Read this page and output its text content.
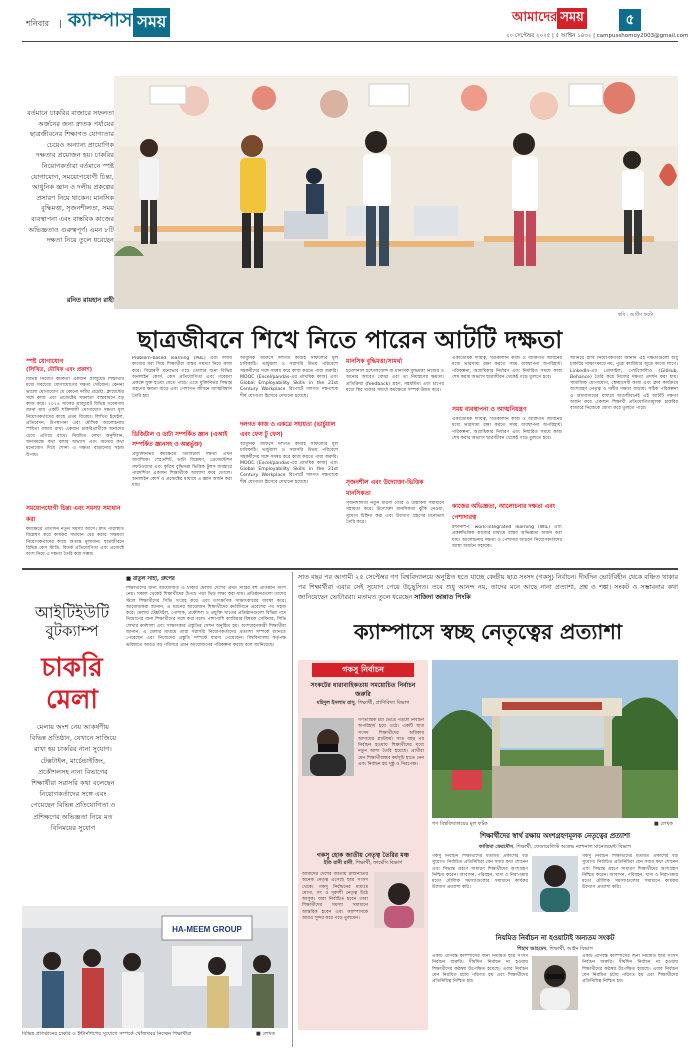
শনিবার ক্যাম্পাস সময়	আমাদের সময়	৫
২০ সেপ্টেম্বর ২০২৫ | ৫ আশ্বিন ১৪৩২ | campusshomoy2003@gmail.com
ছবি : আর্টস ফটো
বর্তমানে চাকরির বাজারে সফলতা অর্জনের জন্য স্নাতক পর্যায়ের ছাত্রজীবনের শিক্ষাগত যোগ্যতার চেয়েও অন্যান্য প্রায়োগিক দক্ষতার প্রয়োজন হয়। চাকরির নিয়োগকর্তারা বর্তমানে স্পষ্ট যোগাযোগ, সময়োপযোগী চিন্তা, আধুনিক জ্ঞান ও দলীয় প্রকল্পের প্রসারণ নিয়ে থাকেন। মানসিক বুদ্ধিমত্তা, সৃজনশীলতা, সময় ব্যবস্থাপনা এবং বাস্তবিক কাজের অভিজ্ঞতাও গুরুত্বপূর্ণ। এমন ৮টি দক্ষতা নিয়ে তুলে ধরেছেন
রনিত রায়হান রাহী
ছাত্রজীবনে শিখে নিতে পারেন আটটি দক্ষতা
স্পষ্ট যোগাযোগ
(লিখিত, মৌখিক এবং প্রকাশ)
বিভিন্ন নিয়োগ কর্মকর্তা একজন গ্রাজুয়েট শিক্ষার্থীর মধ্যে সবচেয়ে যোগাযোগের দক্ষতা খোঁজেন। কেননা ভালো যোগাযোগ যে কোনো দলীয় প্রচেষ্টা, ক্লায়েন্টের সঙ্গে কাজ এবং প্রজেক্টের সফলতা বাস্তবায়নে বড় কাজ করে। ২০২৪ সালের গ্রাজুয়েট বিভিন্ন গবেষণায় জানা যায় একটি শক্তিশালী যোগাযোগ দক্ষতা মূল নিয়োগকর্তাদের কাছে প্রথম বিবেচ্য। লিখিত ইমেইল, প্রতিবেদন, উপস্থাপনা এবং মৌখিক আলোচনায় স্পষ্টতা বজায় রাখা একজন চাকরিপ্রার্থীকে অন্যদের চেয়ে এগিয়ে রাখে। নিয়মিত লেখা অনুশীলন, জনসমক্ষে কথা বলার অভ্যাস এবং অন্যের কথা মনোযোগ দিয়ে শোনা এ দক্ষতা বাড়ানোর সহজ উপায়।
সময়োপযোগী চিন্তা এবং সমস্যা সমাধান করা
কর্মক্ষেত্রে প্রতিদিন নতুন সমস্যা আসে। দ্রুত পরিস্থিতি বিশ্লেষণ করে কার্যকর সমাধান বের করার সক্ষমতা নিয়োগকর্তাদের কাছে অত্যন্ত মূল্যবান। ছাত্রজীবনে বিভিন্ন কেস স্টাডি, বিতর্ক প্রতিযোগিতা এবং প্রজেক্টে অংশ নিয়ে এ দক্ষতা তৈরি করা সম্ভব।
Problem-based learning (PBL) এবং দলীয় কাজের মধ্য দিয়ে শিক্ষার্থীরা বাস্তব সমস্যা নিয়ে কাজ করে। বিশ্লেষণী মনোভাব গড়ে তোলার জন্য বিভিন্ন অনলাইন কোর্স, কেস প্রতিযোগিতা এবং গবেষণা প্রকল্পে যুক্ত হওয়া যেতে পারে। এতে যুক্তিনির্ভর সিদ্ধান্ত গ্রহণের ক্ষমতা বাড়ে এবং পেশাগত জীবনে আত্মবিশ্বাস তৈরি হয়।
ডিজিটাল ও ডাটা সম্পর্কিত জ্ঞান (এআই সম্পর্কিত জ্ঞানসহ ও অন্তর্ভুক্ত)
প্রযুক্তিনির্ভর কর্মক্ষেত্রে ডিজিটাল দক্ষতা এখন আবশ্যিক। স্প্রেডশিট, ডাটা বিশ্লেষণ, প্রেজেন্টেশন সফটওয়্যার এবং কৃত্রিম বুদ্ধিমত্তা ভিত্তিক টুলস ব্যবহারে পারদর্শিতা একজন শিক্ষার্থীকে আলাদা করে তোলে। অনলাইন কোর্স ও প্রজেক্টের মাধ্যমে এ জ্ঞান অর্জন করা যায়।
আধুনিক অফিসে দলগত কাজই সাফল্যের মূল চাবিকাঠি। ভার্চুয়াল ও সরাসরি উভয় পরিবেশে সহকর্মীদের সঙ্গে সমন্বয় করে কাজ করতে পারা জরুরি। MOOC (Excel/pandas-এর প্রাথমিক কাজ) এবং Global Employability Skills in the 21st Century Workplace রিপোর্টে দলগত দক্ষতাকে শীর্ষ যোগ্যতা হিসেবে দেখানো হয়েছে।
দলগত কাজ ও একত্রে সহায়তা (ভার্চুয়াল এবং ফেস টু ফেস)
আধুনিক অফিসে দলগত কাজই সাফল্যের মূল চাবিকাঠি। ভার্চুয়াল ও সরাসরি উভয় পরিবেশে সহকর্মীদের সঙ্গে সমন্বয় করে কাজ করতে পারা জরুরি। MOOC (Excel/pandas-এর প্রাথমিক কাজ) এবং Global Employability Skills in the 21st Century Workplace রিপোর্টে দলগত দক্ষতাকে শীর্ষ যোগ্যতা হিসেবে দেখানো হয়েছে।
মানসিক বুদ্ধিমত্তা/সামর্থ্য
ইমোশনাল ইন্টেলিজেন্স বা মানসিক বুদ্ধিমত্তা নিজের ও অন্যের আবেগ বোঝা এবং তা নিয়ন্ত্রণের ক্ষমতা। প্রতিক্রিয়া (feedback) গ্রহণ, সহমর্মিতা এবং চাপের মধ্যে স্থির থাকার সামর্থ্য কর্মক্ষেত্রে সম্পর্ক উন্নত করে।
সৃজনশীল এবং উদ্যোক্তা-ভিত্তিক মানসিকতা
সৃজনশীলতা নতুন ধারণা তৈরি ও উদ্ভাবনী সমাধানে সহায়তা করে। উদ্যোক্তা মানসিকতা ঝুঁকি নেওয়া, সুযোগ চিহ্নিত করা এবং উদ্যোগ গ্রহণের মনোভাব তৈরি করে।
একাডেমিক দায়িত্ব, খণ্ডকালীন কাজ ও ব্যক্তিগত জীবনের মধ্যে ভারসাম্য রক্ষা করতে সময় ব্যবস্থাপনা অপরিহার্য। পরিকল্পনা, অগ্রাধিকার নির্ধারণ এবং নির্ধারিত সময়ে কাজ শেষ করার অভ্যাস ছাত্রজীবন থেকেই গড়ে তুলতে হবে।
সময় ব্যবস্থাপনা ও আত্মনিয়ন্ত্রণ
একাডেমিক দায়িত্ব, খণ্ডকালীন কাজ ও ব্যক্তিগত জীবনের মধ্যে ভারসাম্য রক্ষা করতে সময় ব্যবস্থাপনা অপরিহার্য। পরিকল্পনা, অগ্রাধিকার নির্ধারণ এবং নির্ধারিত সময়ে কাজ শেষ করার অভ্যাস ছাত্রজীবন থেকেই গড়ে তুলতে হবে।
কাজের অভিজ্ঞতা, আলোচনার দক্ষতা এবং পেশাদারত্ব
ইন্টার্নশিপ, work-integrated learning (WIL) এবং প্রকল্পভিত্তিক কাজের মাধ্যমে বাস্তব অভিজ্ঞতা অর্জন করা যায়। আলোচনার দক্ষতা ও পেশাদার আচরণ নিয়োগকর্তাদের আস্থা অর্জনে সহায়ক।
জানিয়ে রাখি নিয়োগকর্তারা জানান এই দক্ষতাগুলো শুধু চাকরির সাক্ষাৎকারে নয়, পুরো ক্যারিয়ার জুড়ে কাজে লাগে। LinkedIn-এর প্রোফাইল, পোর্টফোলিও (GitHub, Behance) তৈরি করে নিজের দক্ষতা প্রদর্শন করা যায়। সামাজিক যোগাযোগ, স্বেচ্ছাসেবী কাজ এবং ক্লাব কার্যক্রমে অংশগ্রহণ নেতৃত্ব ও দলীয় দক্ষতা বাড়ায়। সঠিক পরিকল্পনা ও অধ্যবসায়ের মাধ্যমে ছাত্রজীবনেই এই আটটি দক্ষতা অর্জন করে একজন শিক্ষার্থী প্রতিযোগিতামূলক চাকরির বাজারে নিজেকে যোগ্য করে তুলতে পারে।
আইটিইউটি
বুটক্যাম্প
চাকরি মেলা
মেলায় অংশ নেয় আকর্ষণীয় বিভিন্ন প্রতিষ্ঠান, যেখানে সাজিয়ে রাখা হয় চাকরির নানা সুযোগ। টেক্সটাইল, মার্চেন্ডাইজিং, প্রকৌশলসহ নানা বিভাগের শিক্ষার্থীরা সরাসরি কথা বলেছেন নিয়োগকর্তাদের সঙ্গে এবং পেয়েছেন বিভিন্ন প্রতিযোগিতা ও প্রশিক্ষণের অভিজ্ঞতা নিয়ে মত বিনিময়ের সুযোগ
■ রাতুল সাহা, গ্রুপের
শিক্ষার্থীদের জন্য আয়োজিত এ চাকরি মেলায় দেশের প্রথম সারির বহু প্রতিষ্ঠান অংশ নেয়। সকাল থেকেই শিক্ষার্থীদের উপচে পড়া ভিড় লক্ষ্য করা যায়। প্রতিষ্ঠানগুলো তাদের স্টলে শিক্ষার্থীদের সিভি সংগ্রহ করে এবং তাৎক্ষণিক সাক্ষাৎকারের ব্যবস্থা করে। আয়োজকরা জানান, এ ধরনের আয়োজন শিক্ষার্থীদের কর্মজীবনে প্রবেশের পথ সহজ করে। মেলায় টেক্সটাইল, পোশাক, প্রকৌশল ও প্রযুক্তি খাতের প্রতিষ্ঠানগুলো বিভিন্ন পদে নিয়োগের জন্য শিক্ষার্থীদের সঙ্গে কথা বলে। পাশাপাশি ক্যারিয়ার বিষয়ক সেমিনার, সিভি লেখার কর্মশালা এবং সাক্ষাৎকার প্রস্তুতির সেশন অনুষ্ঠিত হয়। অংশগ্রহণকারী শিক্ষার্থীরা জানান, এ মেলার মাধ্যমে তারা সরাসরি নিয়োগকর্তাদের প্রত্যাশা সম্পর্কে জানতে পেরেছেন এবং নিজেদের প্রস্তুতি সম্পর্কে ধারণা পেয়েছেন। বিশ্ববিদ্যালয় কর্তৃপক্ষ ভবিষ্যতে আরও বড় পরিসরে এমন আয়োজনের পরিকল্পনা করছে বলে জানিয়েছে।
HA-MEEM GROUP
বিভিন্ন প্রতিষ্ঠানের চাকরি ও ইন্টার্নশিপের সুযোগে সম্পর্কে খোঁজখবর নিচ্ছেন শিক্ষার্থীরা	■ লেখক
সাত বছর পর আগামী ২৫ সেপ্টেম্বর গণ বিশ্ববিদ্যালয়ে অনুষ্ঠিত হতে যাচ্ছে কেন্দ্রীয় ছাত্র সংসদ (গকসু) নির্বাচন। দীর্ঘদিন ভোটবিহীন থেকে বঞ্চিত থাকার পর শিক্ষার্থীরা এবার সেই সুযোগ পেয়ে উচ্ছ্বসিত। তবে শুধু আনন্দ নয়, তাদের মনে আছে নানা প্রত্যাশা, প্রশ্ন ও শঙ্কা। সংকট ও সম্ভাবনার কথা জানিয়েছেন ভোটাররা। মতামত তুলে ধরেছেন সাজিদা জান্নাত পিংকি
ক্যাম্পাসে স্বচ্ছ নেতৃত্বের প্রত্যাশা
গকসু নির্বাচন
সংকটের ধারাবাহিকতায় সময়োচিত নির্বাচন জরুরি
মহিদুল ইসলাম রাসু, শিক্ষার্থী, প্রাণিবিদ্যা বিভাগ
গণতান্ত্রিক চর্চা ভেঙে পড়লে নির্বাচন অপরিহার্য হয়ে ওঠে। একটি ছাত্র সংসদ শিক্ষার্থীদের অধিকার আদায়ের প্ল্যাটফর্ম। সাত বছর পর নির্বাচন হওয়ায় শিক্ষার্থীদের মধ্যে নতুন আশা তৈরি হয়েছে। প্রার্থীরা যেন শিক্ষার্থীবান্ধব কর্মসূচি হাতে নেন এবং নির্বাচন হয় সুষ্ঠু ও নিরপেক্ষ।
গকসু হোক জাতীয় নেতৃত্ব তৈরির মঞ্চ
ইতি রানী রানী, শিক্ষার্থী, ফার্মেসি বিভাগ
আমাদের দেশের জাতীয় রাজনীতির অনেক নেতৃত্ব এসেছে ছাত্র সংসদ থেকে। গকসু নির্বাচনের মাধ্যমে যোগ্য, সৎ ও দূরদর্শী নেতৃত্ব উঠে আসুক। যারা নির্বাচিত হবেন তারা শিক্ষার্থীদের সমস্যা সমাধানে আন্তরিক হবেন এবং ক্যাম্পাসকে আরও সুন্দর করে গড়ে তুলবেন।
গণ বিশ্ববিদ্যালয়ের মূল ফটক	■ লেখক
শিক্ষার্থীদের স্বার্থ রক্ষায় অংশগ্রহণমূলক নেতৃত্বের প্রত্যাশা
ফাতিমা ফেরদৌস, শিক্ষার্থী, ফেডারেলিস্ট আডভ ন্যাশনাল মানেজমেন্ট বিভাগ
গকসু নির্বাচন শিক্ষার্থীদের মতামত প্রকাশের বড় সুযোগ। নির্বাচিত প্রতিনিধিরা যেন সবার কথা শোনেন এবং সিদ্ধান্ত গ্রহণে সাধারণ শিক্ষার্থীদের অংশগ্রহণ নিশ্চিত করেন। আবাসন, পরিবহন, খাদ্য ও নিরাপত্তার মতো মৌলিক সমস্যাগুলোর সমাধানে কার্যকর উদ্যোগ প্রত্যাশা করি।
গকসু নির্বাচন শিক্ষার্থীদের মতামত প্রকাশের বড় সুযোগ। নির্বাচিত প্রতিনিধিরা যেন সবার কথা শোনেন এবং সিদ্ধান্ত গ্রহণে সাধারণ শিক্ষার্থীদের অংশগ্রহণ নিশ্চিত করেন। আবাসন, পরিবহন, খাদ্য ও নিরাপত্তার মতো মৌলিক সমস্যাগুলোর সমাধানে কার্যকর উদ্যোগ প্রত্যাশা করি।
নিয়মিত নির্বাচন না হওয়াটাই অন্যতম সংকট
শিহাব আহমেদ, শিক্ষার্থী, আইন বিভাগ
একটি প্রাণবন্ত ক্যাম্পাসের জন্য নিয়মিত ছাত্র সংসদ নির্বাচন জরুরি। দীর্ঘদিন নির্বাচন না হওয়ায় শিক্ষার্থীদের কণ্ঠস্বর উপেক্ষিত হয়েছে। এবার নির্বাচন যেন নিয়মিত চর্চায় পরিণত হয় এবং শিক্ষার্থীদের প্রতিনিধিত্ব নিশ্চিত হয়।
একটি প্রাণবন্ত ক্যাম্পাসের জন্য নিয়মিত ছাত্র সংসদ নির্বাচন জরুরি। দীর্ঘদিন নির্বাচন না হওয়ায় শিক্ষার্থীদের কণ্ঠস্বর উপেক্ষিত হয়েছে। এবার নির্বাচন যেন নিয়মিত চর্চায় পরিণত হয় এবং শিক্ষার্থীদের প্রতিনিধিত্ব নিশ্চিত হয়।
